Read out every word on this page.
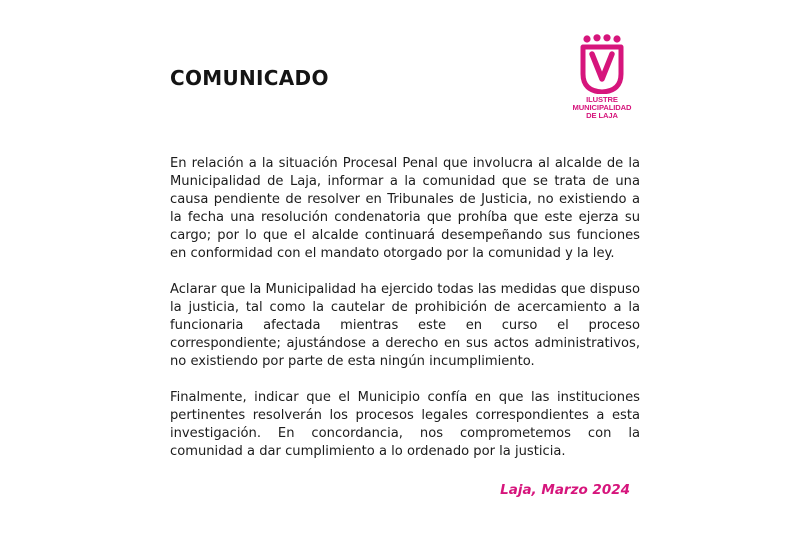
COMUNICADO
ILUSTRE
MUNICIPALIDAD
DE LAJA

En relación a la situación Procesal Penal que involucra al alcalde de la Municipalidad de Laja, informar a la comunidad que se trata de una causa pendiente de resolver en Tribunales de Justicia, no existiendo a la fecha una resolución condenatoria que prohíba que este ejerza su cargo; por lo que el alcalde continuará desempeñando sus funciones en conformidad con el mandato otorgado por la comunidad y la ley.

Aclarar que la Municipalidad ha ejercido todas las medidas que dispuso la justicia, tal como la cautelar de prohibición de acercamiento a la funcionaria afectada mientras este en curso el proceso correspondiente; ajustándose a derecho en sus actos administrativos, no existiendo por parte de esta ningún incumplimiento.

Finalmente, indicar que el Municipio confía en que las instituciones pertinentes resolverán los procesos legales correspondientes a esta investigación. En concordancia, nos comprometemos con la comunidad a dar cumplimiento a lo ordenado por la justicia.

Laja, Marzo 2024
